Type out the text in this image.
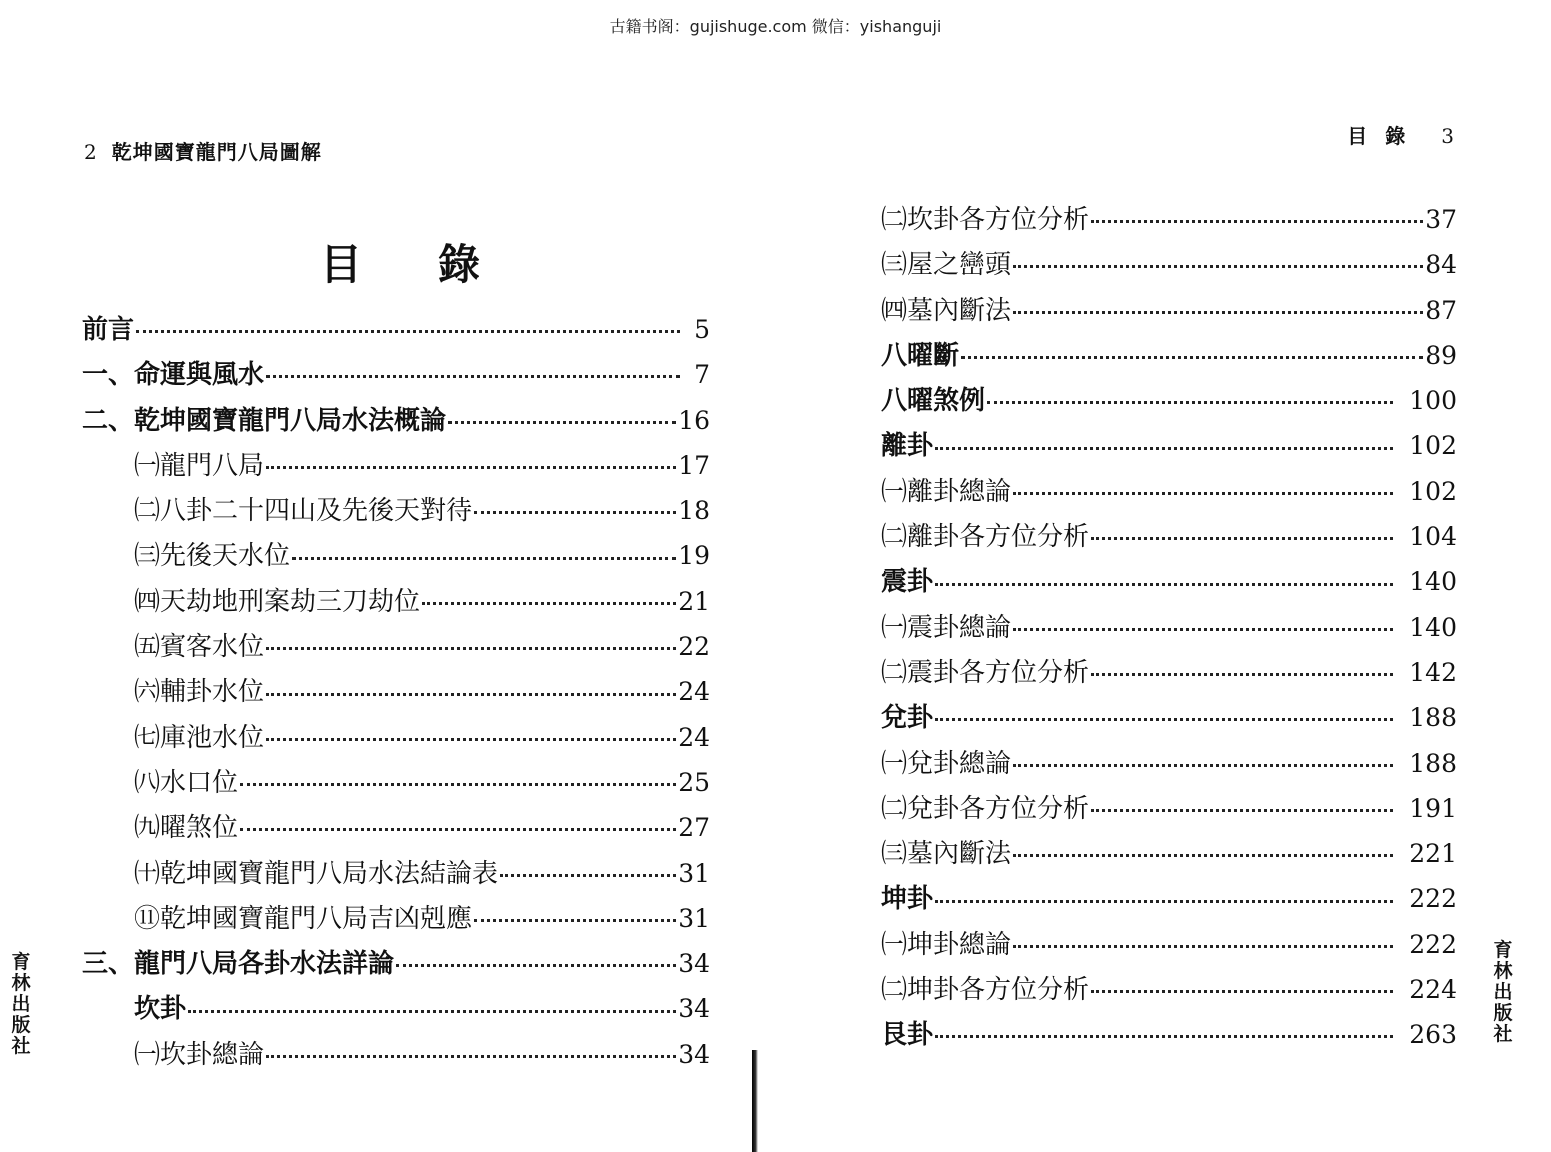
古籍书阁：gujishuge.com 微信：yishanguji
2 乾坤國寶龍門八局圖解
目錄
前言	5
一、命運與風水	7
二、乾坤國寶龍門八局水法概論	16
㈠龍門八局	17
㈡八卦二十四山及先後天對待	18
㈢先後天水位	19
㈣天劫地刑案劫三刀劫位	21
㈤賓客水位	22
㈥輔卦水位	24
㈦庫池水位	24
㈧水口位	25
㈨曜煞位	27
㈩乾坤國寶龍門八局水法結論表	31
⑪乾坤國寶龍門八局吉凶剋應	31
三、龍門八局各卦水法詳論	34
坎卦	34
㈠坎卦總論	34
育林出版社
目錄 3
㈡坎卦各方位分析	37
㈢屋之巒頭	84
㈣墓內斷法	87
八曜斷	89
八曜煞例	100
離卦	102
㈠離卦總論	102
㈡離卦各方位分析	104
震卦	140
㈠震卦總論	140
㈡震卦各方位分析	142
兌卦	188
㈠兌卦總論	188
㈡兌卦各方位分析	191
㈢墓內斷法	221
坤卦	222
㈠坤卦總論	222
㈡坤卦各方位分析	224
艮卦	263
育林出版社
